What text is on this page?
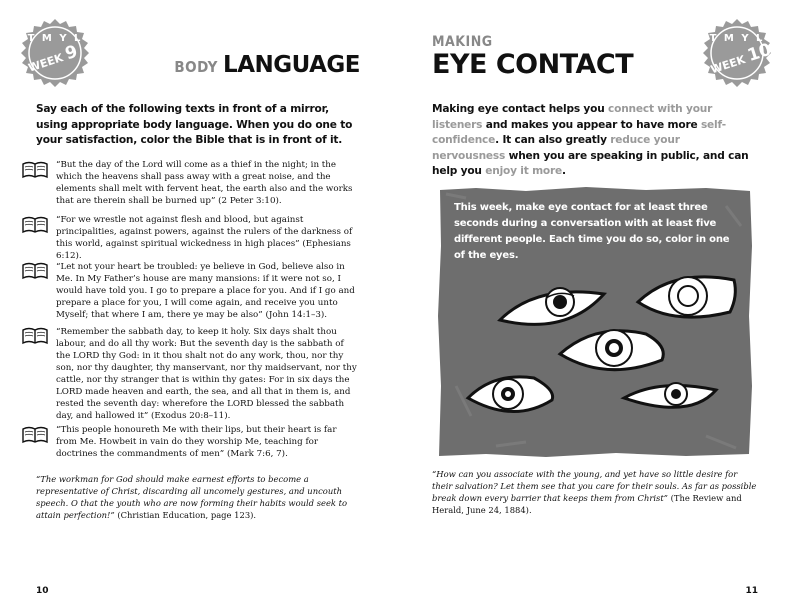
T M Y L
WEEK 9
BODY LANGUAGE
Say each of the following texts in front of a mirror, using appropriate body language. When you do one to your satisfaction, color the Bible that is in front of it.
“But the day of the Lord will come as a thief in the night; in the which the heavens shall pass away with a great noise, and the elements shall melt with fervent heat, the earth also and the works that are therein shall be burned up” (2 Peter 3:10).
“For we wrestle not against flesh and blood, but against principalities, against powers, against the rulers of the darkness of this world, against spiritual wickedness in high places” (Ephesians 6:12).
“Let not your heart be troubled: ye believe in God, believe also in Me. In My Father’s house are many mansions: if it were not so, I would have told you. I go to prepare a place for you. And if I go and prepare a place for you, I will come again, and receive you unto Myself; that where I am, there ye may be also” (John 14:1–3).
“Remember the sabbath day, to keep it holy. Six days shalt thou labour, and do all thy work: But the seventh day is the sabbath of the LORD thy God: in it thou shalt not do any work, thou, nor thy son, nor thy daughter, thy manservant, nor thy maidservant, nor thy cattle, nor thy stranger that is within thy gates: For in six days the LORD made heaven and earth, the sea, and all that in them is, and rested the seventh day: wherefore the LORD blessed the sabbath day, and hallowed it” (Exodus 20:8–11).
“This people honoureth Me with their lips, but their heart is far from Me. Howbeit in vain do they worship Me, teaching for doctrines the commandments of men” (Mark 7:6, 7).
“The workman for God should make earnest efforts to become a representative of Christ, discarding all uncomely gestures, and uncouth speech. O that the youth who are now forming their habits would seek to attain perfection!” (Christian Education, page 123).
10
MAKING
EYE CONTACT
T M Y L
WEEK 10
Making eye contact helps you connect with your listeners and makes you appear to have more self-confidence. It can also greatly reduce your nervousness when you are speaking in public, and can help you enjoy it more.
This week, make eye contact for at least three seconds during a conversation with at least five different people. Each time you do so, color in one of the eyes.
“How can you associate with the young, and yet have so little desire for their salvation? Let them see that you care for their souls. As far as possible break down every barrier that keeps them from Christ” (The Review and Herald, June 24, 1884).
11
